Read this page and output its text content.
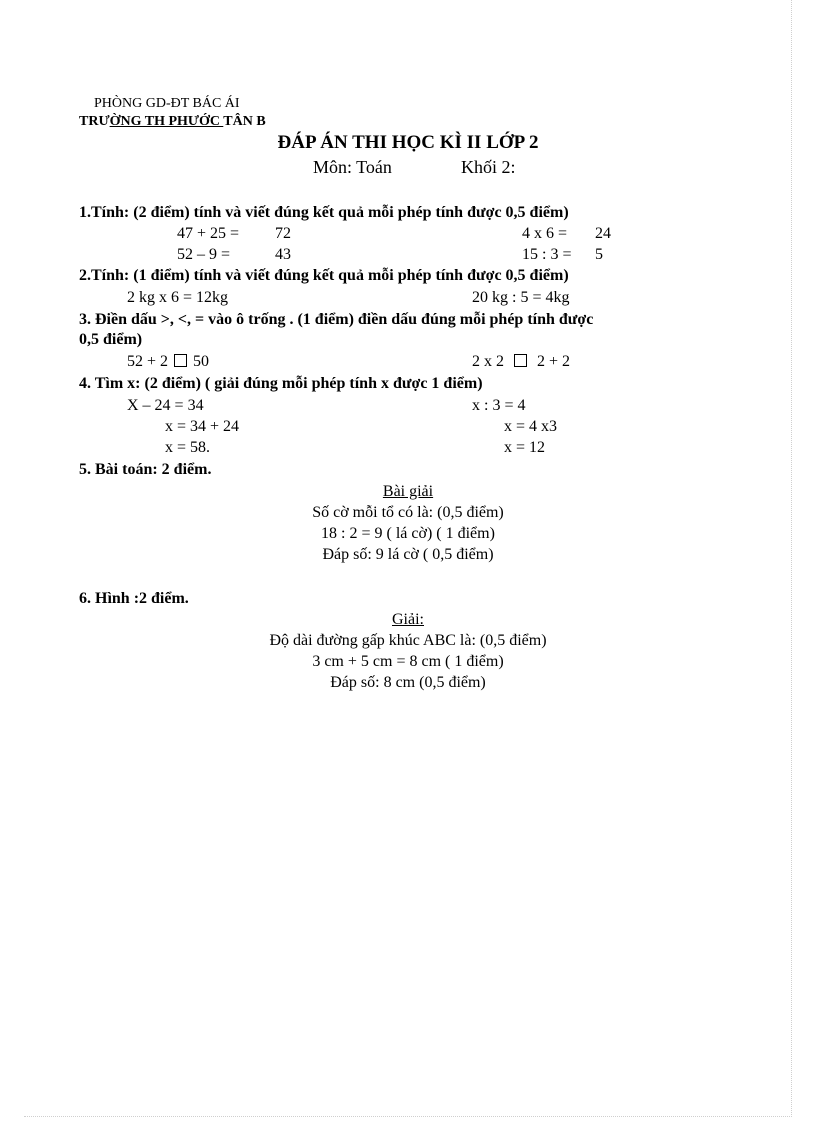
PHÒNG GD-ĐT BÁC ÁI
TRƯỜNG TH PHƯỚC TÂN B
ĐÁP ÁN THI HỌC KÌ II LỚP 2
Môn: Toán	Khối 2:
1.Tính: (2 điểm) tính và viết đúng kết quả mỗi phép tính được 0,5 điểm)
47 + 25 = 72	4 x 6 = 24
52 – 9 =	43	15 : 3 = 5
2.Tính: (1 điểm) tính và viết đúng kết quả mỗi phép tính được 0,5 điểm)
2 kg x 6 = 12kg	20 kg : 5 = 4kg
3. Điền dấu >, <, = vào ô trống . (1 điểm) điền dấu đúng mỗi phép tính được
0,5 điểm)
52 + 2 50	2 x 2 2 + 2
4. Tìm x: (2 điểm) ( giải đúng mỗi phép tính x được 1 điểm)
X – 24 = 34
x = 34 + 24
x = 58.
x : 3 = 4
x = 4 x3
x = 12
5. Bài toán: 2 điểm.
Bài giải
Số cờ mỗi tổ có là: (0,5 điểm)
18 : 2 = 9 ( lá cờ) ( 1 điểm)
Đáp số: 9 lá cờ ( 0,5 điểm)
6. Hình :2 điểm.
Giải:
Độ dài đường gấp khúc ABC là: (0,5 điểm)
3 cm + 5 cm = 8 cm ( 1 điểm)
Đáp số: 8 cm (0,5 điểm)
